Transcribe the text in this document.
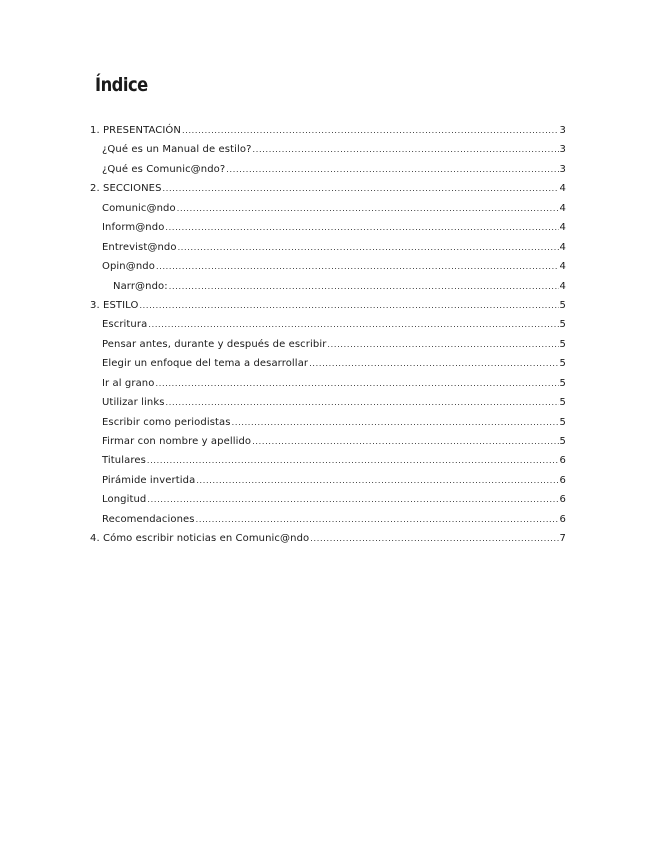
Índice
1. PRESENTACIÓN .....	3
¿Qué es un Manual de estilo? .....	3
¿Qué es Comunic@ndo? .....	3
2. SECCIONES .....	4
Comunic@ndo .....	4
Inform@ndo .....	4
Entrevist@ndo .....	4
Opin@ndo .....	4
Narr@ndo: .....	4
3. ESTILO .....	5
Escritura .....	5
Pensar antes, durante y después de escribir .....	5
Elegir un enfoque del tema a desarrollar .....	5
Ir al grano .....	5
Utilizar links .....	5
Escribir como periodistas .....	5
Firmar con nombre y apellido .....	5
Titulares .....	6
Pirámide invertida .....	6
Longitud .....	6
Recomendaciones .....	6
4. Cómo escribir noticias en Comunic@ndo .....	7
